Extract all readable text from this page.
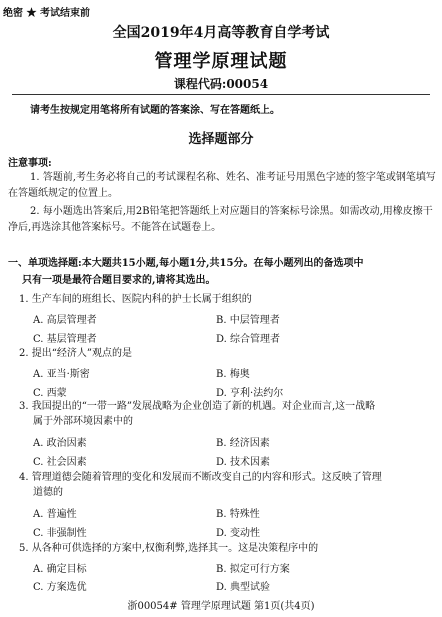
绝密 ★ 考试结束前
全国2019年4月高等教育自学考试
管理学原理试题
课程代码:00054
请考生按规定用笔将所有试题的答案涂、写在答题纸上。
选择题部分
注意事项:
1. 答题前,考生务必将自己的考试课程名称、姓名、准考证号用黑色字迹的签字笔或钢笔填写在答题纸规定的位置上。
2. 每小题选出答案后,用2B铅笔把答题纸上对应题目的答案标号涂黑。如需改动,用橡皮擦干净后,再选涂其他答案标号。不能答在试题卷上。
一、单项选择题:本大题共15小题,每小题1分,共15分。在每小题列出的备选项中
只有一项是最符合题目要求的,请将其选出。
1. 生产车间的班组长、医院内科的护士长属于组织的
A. 高层管理者	B. 中层管理者
C. 基层管理者	D. 综合管理者
2. 提出“经济人”观点的是
A. 亚当·斯密	B. 梅奥
C. 西蒙	D. 亨利·法约尔
3. 我国提出的“一带一路”发展战略为企业创造了新的机遇。对企业而言,这一战略
属于外部环境因素中的
A. 政治因素	B. 经济因素
C. 社会因素	D. 技术因素
4. 管理道德会随着管理的变化和发展而不断改变自己的内容和形式。这反映了管理
道德的
A. 普遍性	B. 特殊性
C. 非强制性	D. 变动性
5. 从各种可供选择的方案中,权衡利弊,选择其一。这是决策程序中的
A. 确定目标	B. 拟定可行方案
C. 方案选优	D. 典型试验
浙00054# 管理学原理试题 第1页(共4页)
